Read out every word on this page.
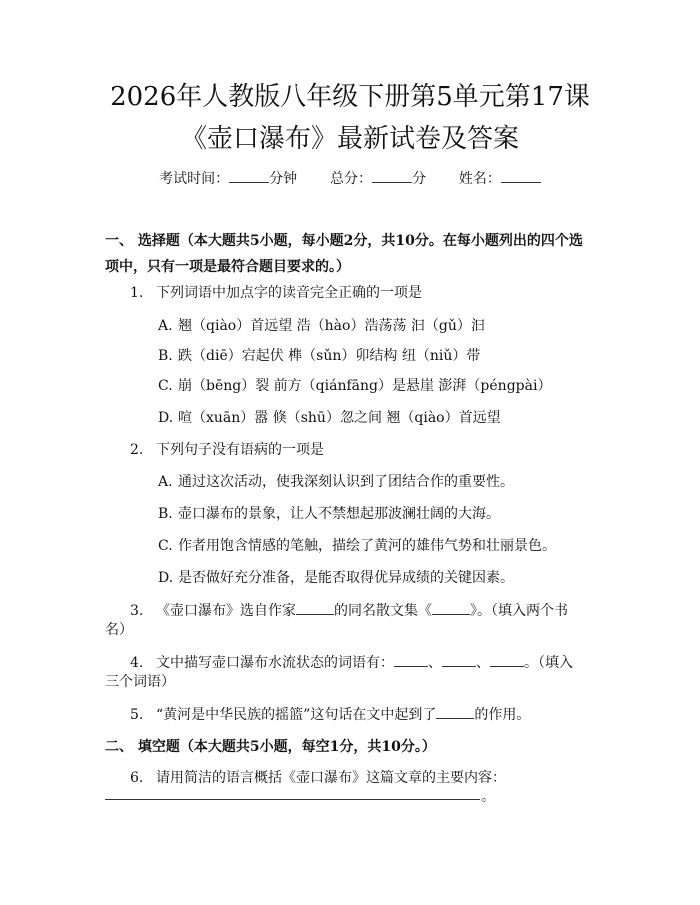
2026年人教版八年级下册第5单元第17课
《壶口瀑布》最新试卷及答案
考试时间：	分钟 总分：	分 姓名：
一、 选择题（本大题共5小题，每小题2分，共10分。在每小题列出的四个选
项中，只有一项是最符合题目要求的。）
1. 下列词语中加点字的读音完全正确的一项是
A. 翘（qiào）首远望 浩（hào）浩荡荡 汩（gǔ）汩
B. 跌（diē）宕起伏 榫（sǔn）卯结构 纽（niǔ）带
C. 崩（bēng）裂 前方（qiánfāng）是悬崖 澎湃（péngpài）
D. 喧（xuān）嚣 倏（shū）忽之间 翘（qiào）首远望
2. 下列句子没有语病的一项是
A. 通过这次活动，使我深刻认识到了团结合作的重要性。
B. 壶口瀑布的景象，让人不禁想起那波澜壮阔的大海。
C. 作者用饱含情感的笔触，描绘了黄河的雄伟气势和壮丽景色。
D. 是否做好充分准备，是能否取得优异成绩的关键因素。
3. 《壶口瀑布》选自作家	的同名散文集《	》。（填入两个书
名）
4. 文中描写壶口瀑布水流状态的词语有： 、 、 。（填入
三个词语）
5. “黄河是中华民族的摇篮”这句话在文中起到了	的作用。
二、 填空题（本大题共5小题，每空1分，共10分。）
6. 请用简洁的语言概括《壶口瀑布》这篇文章的主要内容：
。
